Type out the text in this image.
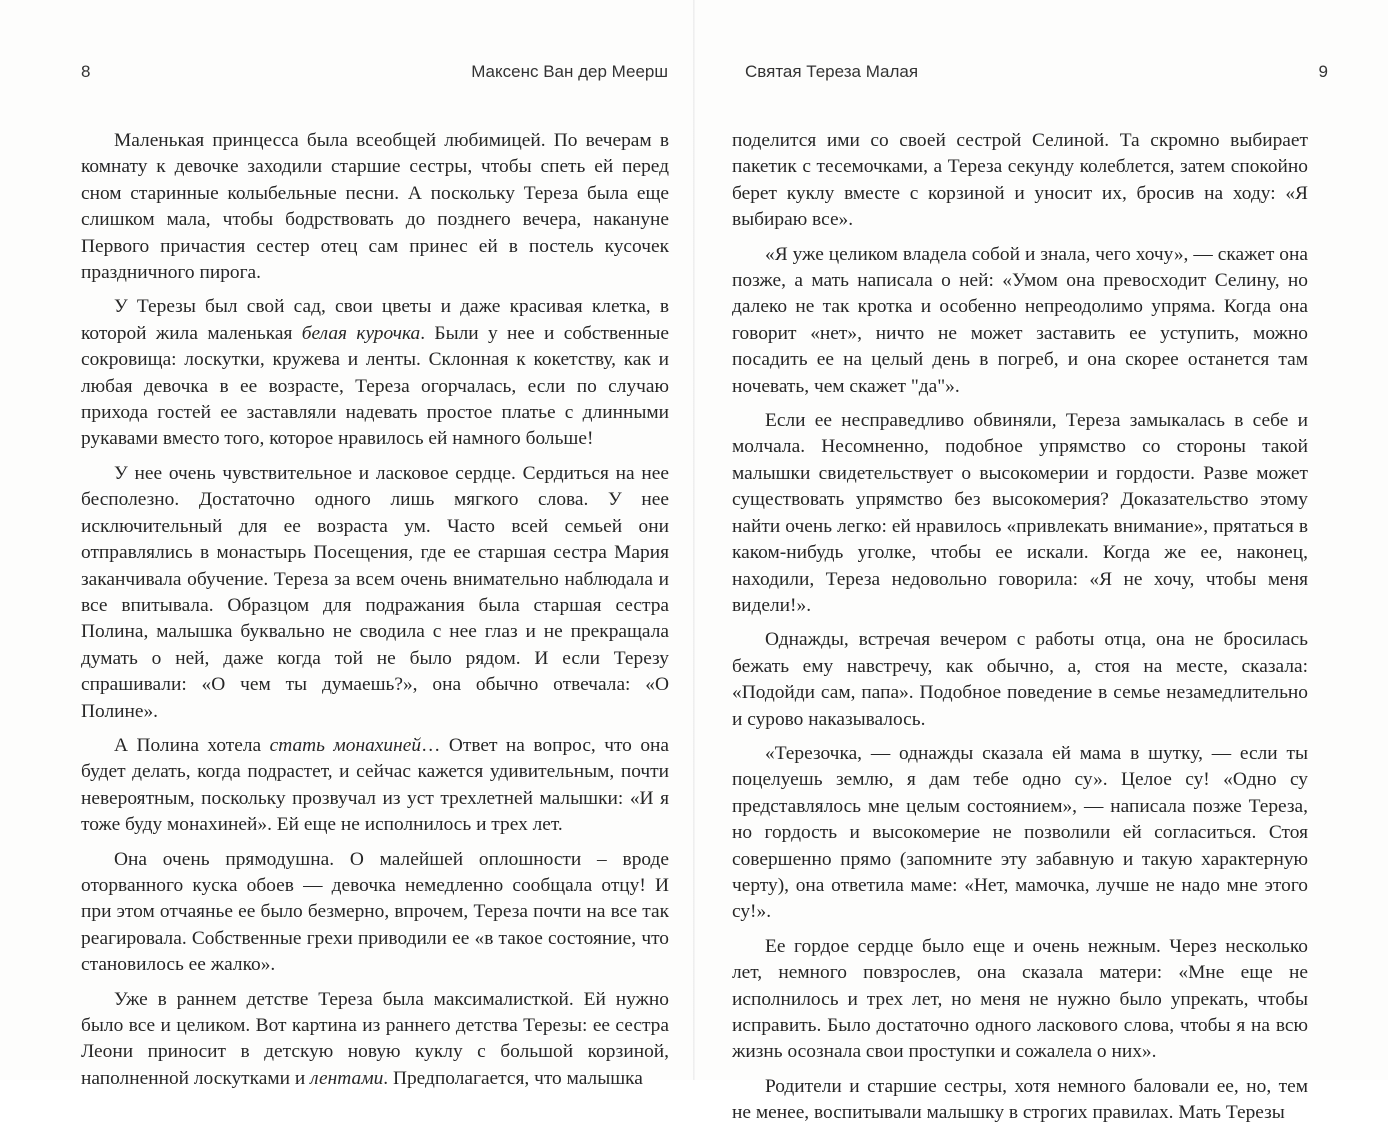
8	Максенс Ван дер Меерш

Маленькая принцесса была всеобщей любимицей. По вечерам в комнату к девочке заходили старшие сестры, чтобы спеть ей перед сном старинные колыбельные песни. А поскольку Тереза была еще слишком мала, чтобы бодрствовать до позднего вечера, накануне Первого причастия сестер отец сам принес ей в постель кусочек праздничного пирога.

У Терезы был свой сад, свои цветы и даже красивая клетка, в которой жила маленькая белая курочка. Были у нее и собственные сокровища: лоскутки, кружева и ленты. Склонная к кокетству, как и любая девочка в ее возрасте, Тереза огорчалась, если по случаю прихода гостей ее заставляли надевать простое платье с длинными рукавами вместо того, которое нравилось ей намного больше!

У нее очень чувствительное и ласковое сердце. Сердиться на нее бесполезно. Достаточно одного лишь мягкого слова. У нее исключительный для ее возраста ум. Часто всей семьей они отправлялись в монастырь Посещения, где ее старшая сестра Мария заканчивала обучение. Тереза за всем очень внимательно наблюдала и все впитывала. Образцом для подражания была старшая сестра Полина, малышка буквально не сводила с нее глаз и не прекращала думать о ней, даже когда той не было рядом. И если Терезу спрашивали: «О чем ты думаешь?», она обычно отвечала: «О Полине».

А Полина хотела стать монахиней… Ответ на вопрос, что она будет делать, когда подрастет, и сейчас кажется удивительным, почти невероятным, поскольку прозвучал из уст трехлетней малышки: «И я тоже буду монахиней». Ей еще не исполнилось и трех лет.

Она очень прямодушна. О малейшей оплошности – вроде оторванного куска обоев — девочка немедленно сообщала отцу! И при этом отчаянье ее было безмерно, впрочем, Тереза почти на все так реагировала. Собственные грехи приводили ее «в такое состояние, что становилось ее жалко».

Уже в раннем детстве Тереза была максималисткой. Ей нужно было все и целиком. Вот картина из раннего детства Терезы: ее сестра Леони приносит в детскую новую куклу с большой корзиной, наполненной лоскутками и лентами. Предполагается, что малышка

Святая Тереза Малая	9

поделится ими со своей сестрой Селиной. Та скромно выбирает пакетик с тесемочками, а Тереза секунду колеблется, затем спокойно берет куклу вместе с корзиной и уносит их, бросив на ходу: «Я выбираю все».

«Я уже целиком владела собой и знала, чего хочу», — скажет она позже, а мать написала о ней: «Умом она превосходит Селину, но далеко не так кротка и особенно непреодолимо упряма. Когда она говорит «нет», ничто не может заставить ее уступить, можно посадить ее на целый день в погреб, и она скорее останется там ночевать, чем скажет "да"».

Если ее несправедливо обвиняли, Тереза замыкалась в себе и молчала. Несомненно, подобное упрямство со стороны такой малышки свидетельствует о высокомерии и гордости. Разве может существовать упрямство без высокомерия? Доказательство этому найти очень легко: ей нравилось «привлекать внимание», прятаться в каком-нибудь уголке, чтобы ее искали. Когда же ее, наконец, находили, Тереза недовольно говорила: «Я не хочу, чтобы меня видели!».

Однажды, встречая вечером с работы отца, она не бросилась бежать ему навстречу, как обычно, а, стоя на месте, сказала: «Подойди сам, папа». Подобное поведение в семье незамедлительно и сурово наказывалось.

«Терезочка, — однажды сказала ей мама в шутку, — если ты поцелуешь землю, я дам тебе одно су». Целое су! «Одно су представлялось мне целым состоянием», — написала позже Тереза, но гордость и высокомерие не позволили ей согласиться. Стоя совершенно прямо (запомните эту забавную и такую характерную черту), она ответила маме: «Нет, мамочка, лучше не надо мне этого су!».

Ее гордое сердце было еще и очень нежным. Через несколько лет, немного повзрослев, она сказала матери: «Мне еще не исполнилось и трех лет, но меня не нужно было упрекать, чтобы исправить. Было достаточно одного ласкового слова, чтобы я на всю жизнь осознала свои проступки и сожалела о них».

Родители и старшие сестры, хотя немного баловали ее, но, тем не менее, воспитывали малышку в строгих правилах. Мать Терезы
